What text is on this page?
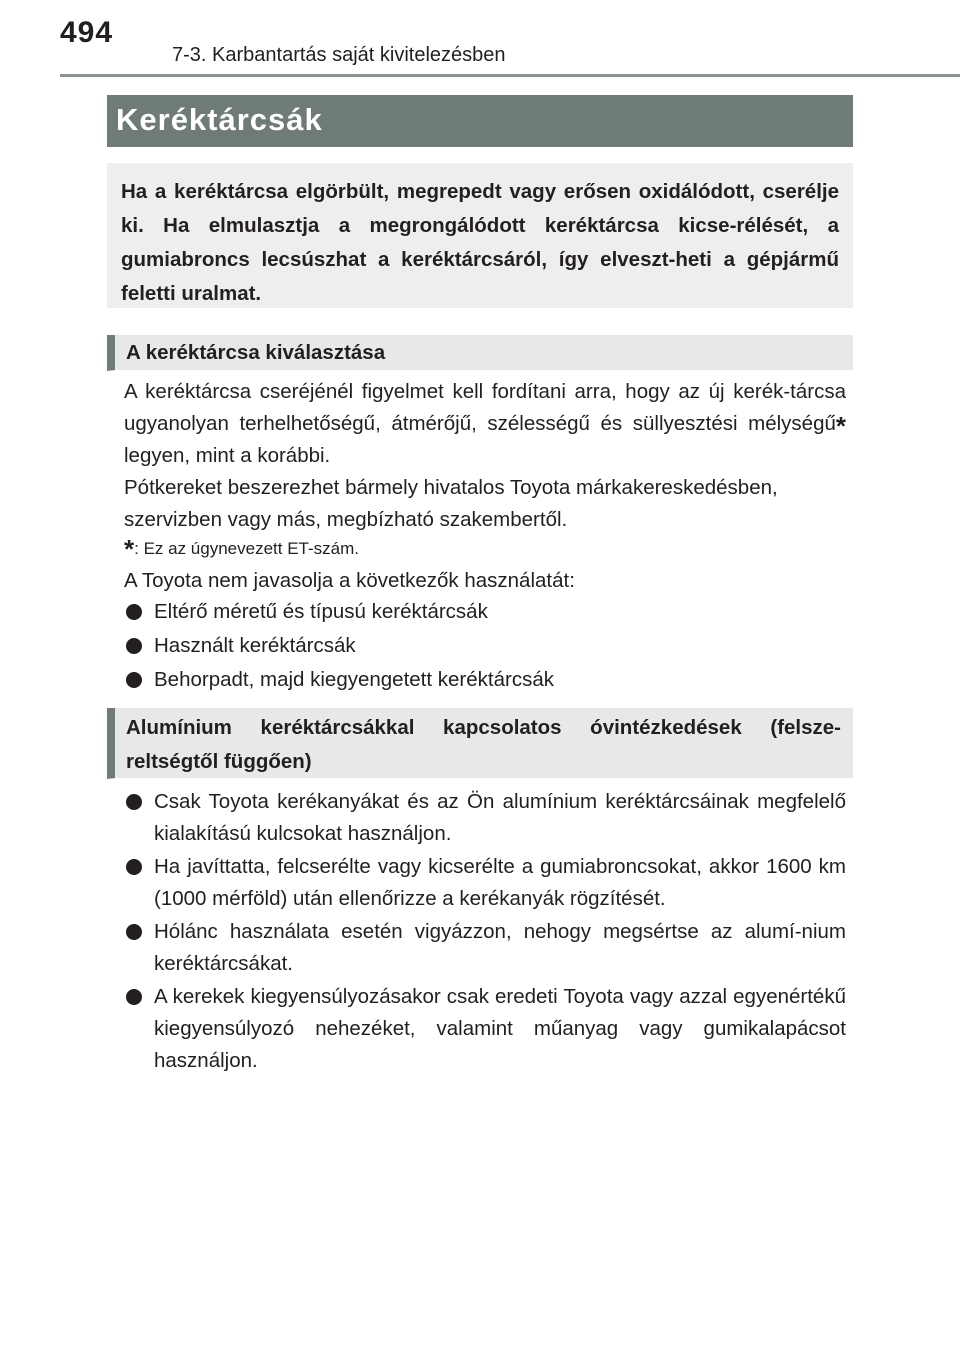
494
7-3. Karbantartás saját kivitelezésben
Keréktárcsák

Ha a keréktárcsa elgörbült, megrepedt vagy erősen oxidálódott, cserélje ki. Ha elmulasztja a megrongálódott keréktárcsa kicse-rélését, a gumiabroncs lecsúszhat a keréktárcsáról, így elveszt-heti a gépjármű feletti uralmat.

A keréktárcsa kiválasztása

A keréktárcsa cseréjénél figyelmet kell fordítani arra, hogy az új kerék-tárcsa ugyanolyan terhelhetőségű, átmérőjű, szélességű és süllyesztési mélységű* legyen, mint a korábbi.

Pótkereket beszerezhet bármely hivatalos Toyota márkakereskedésben, szervizben vagy más, megbízható szakembertől.

*: Ez az úgynevezett ET-szám.

A Toyota nem javasolja a következők használatát:

Eltérő méretű és típusú keréktárcsák
Használt keréktárcsák
Behorpadt, majd kiegyengetett keréktárcsák

Alumínium keréktárcsákkal kapcsolatos óvintézkedések (felsze-reltségtől függően)

Csak Toyota kerékanyákat és az Ön alumínium keréktárcsáinak megfelelő kialakítású kulcsokat használjon.
Ha javíttatta, felcserélte vagy kicserélte a gumiabroncsokat, akkor 1600 km (1000 mérföld) után ellenőrizze a kerékanyák rögzítését.
Hólánc használata esetén vigyázzon, nehogy megsértse az alumí-nium keréktárcsákat.
A kerekek kiegyensúlyozásakor csak eredeti Toyota vagy azzal egyenértékű kiegyensúlyozó nehezéket, valamint műanyag vagy gumikalapácsot használjon.
